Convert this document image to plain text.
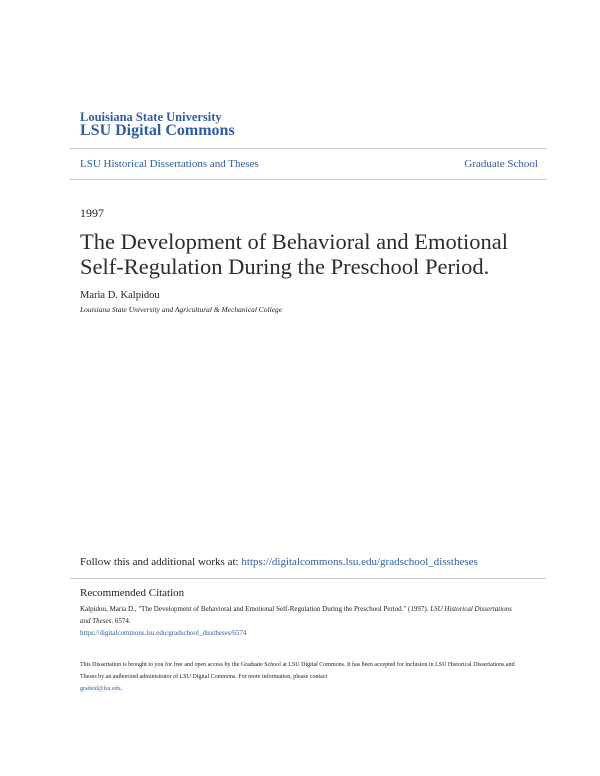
Louisiana State University
LSU Digital Commons
LSU Historical Dissertations and Theses	Graduate School
1997
The Development of Behavioral and Emotional
Self-Regulation During the Preschool Period.
Maria D. Kalpidou
Louisiana State University and Agricultural & Mechanical College
Follow this and additional works at: https://digitalcommons.lsu.edu/gradschool_disstheses
Recommended Citation
Kalpidou, Maria D., "The Development of Behavioral and Emotional Self-Regulation During the Preschool Period." (1997). LSU Historical Dissertations and Theses. 6574.
https://digitalcommons.lsu.edu/gradschool_disstheses/6574
This Dissertation is brought to you for free and open access by the Graduate School at LSU Digital Commons. It has been accepted for inclusion in LSU Historical Dissertations and Theses by an authorized administrator of LSU Digital Commons. For more information, please contact
gradetd@lsu.edu.
